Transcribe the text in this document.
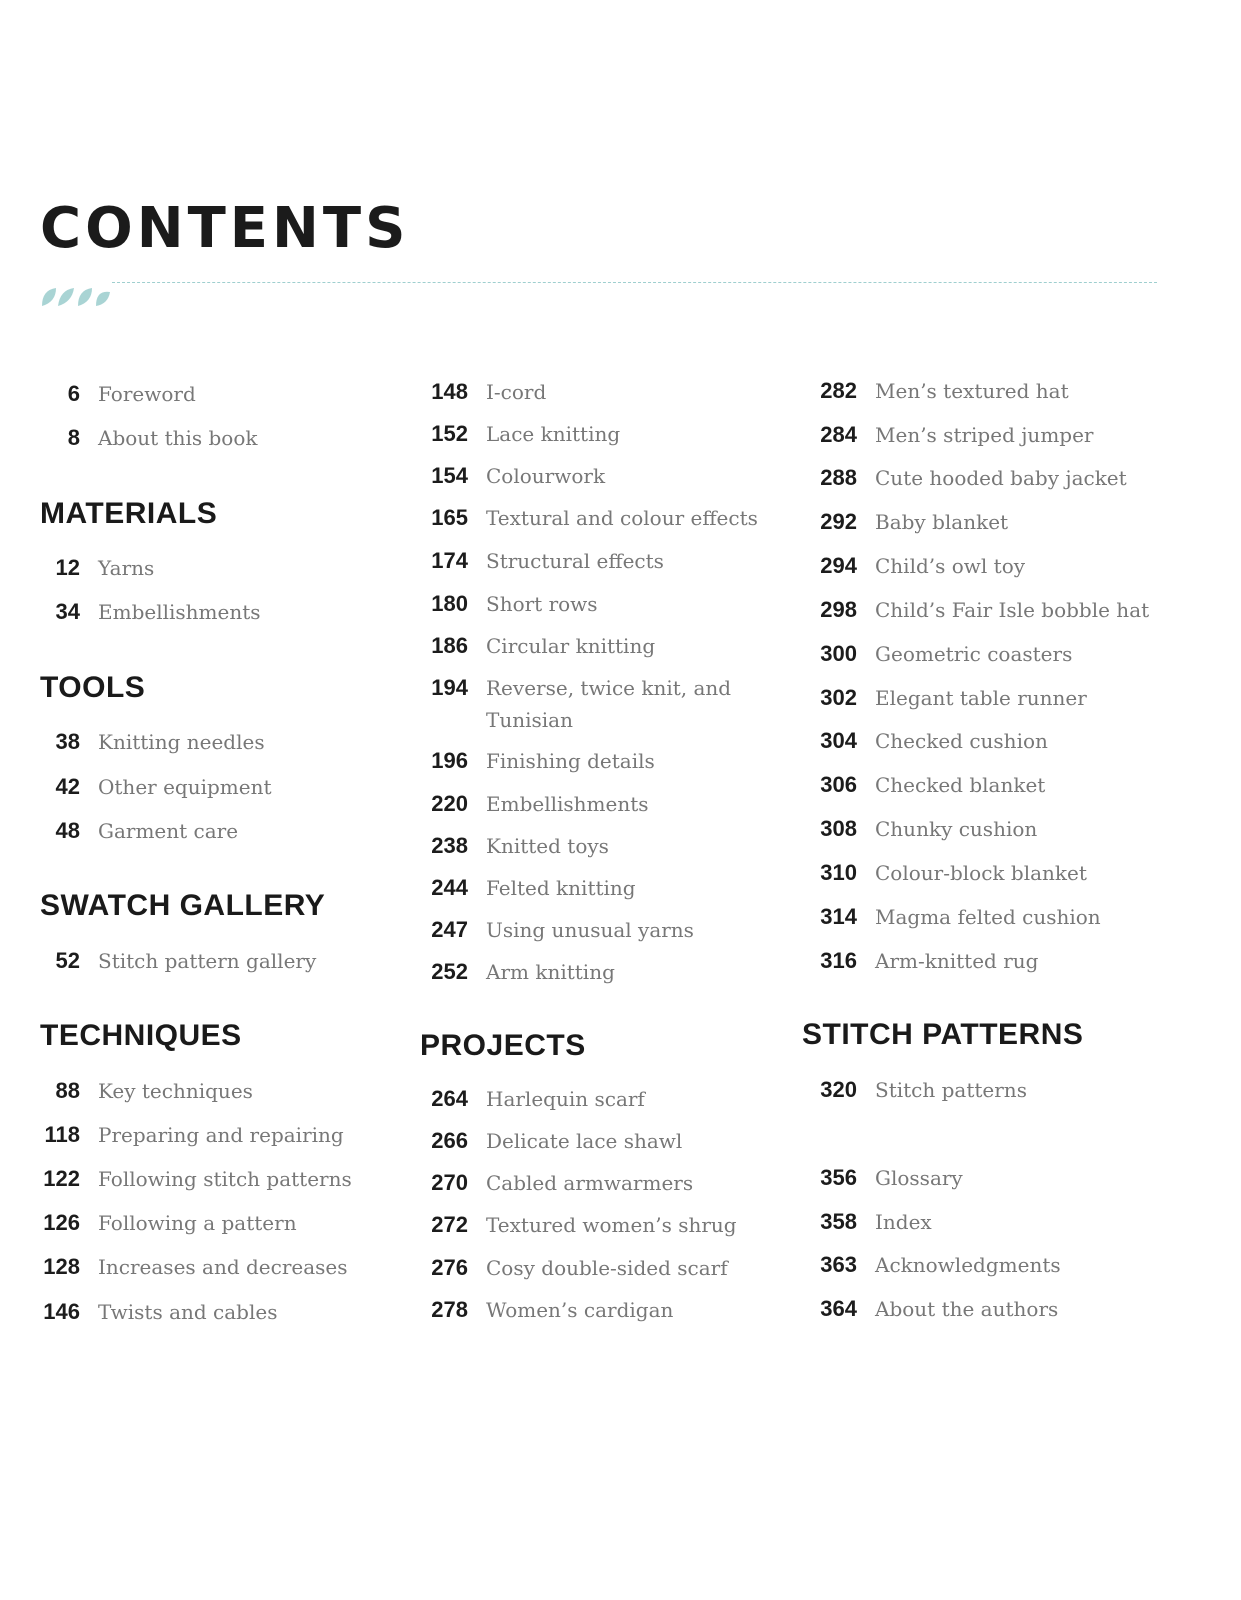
CONTENTS
6 Foreword
8 About this book
MATERIALS
12 Yarns
34 Embellishments
TOOLS
38 Knitting needles
42 Other equipment
48 Garment care
SWATCH GALLERY
52 Stitch pattern gallery
TECHNIQUES
88 Key techniques
118 Preparing and repairing
122 Following stitch patterns
126 Following a pattern
128 Increases and decreases
146 Twists and cables
148 I-cord
152 Lace knitting
154 Colourwork
165 Textural and colour effects
174 Structural effects
180 Short rows
186 Circular knitting
194 Reverse, twice knit, and Tunisian
196 Finishing details
220 Embellishments
238 Knitted toys
244 Felted knitting
247 Using unusual yarns
252 Arm knitting
PROJECTS
264 Harlequin scarf
266 Delicate lace shawl
270 Cabled armwarmers
272 Textured women’s shrug
276 Cosy double-sided scarf
278 Women’s cardigan
282 Men’s textured hat
284 Men’s striped jumper
288 Cute hooded baby jacket
292 Baby blanket
294 Child’s owl toy
298 Child’s Fair Isle bobble hat
300 Geometric coasters
302 Elegant table runner
304 Checked cushion
306 Checked blanket
308 Chunky cushion
310 Colour-block blanket
314 Magma felted cushion
316 Arm-knitted rug
STITCH PATTERNS
320 Stitch patterns
356 Glossary
358 Index
363 Acknowledgments
364 About the authors
